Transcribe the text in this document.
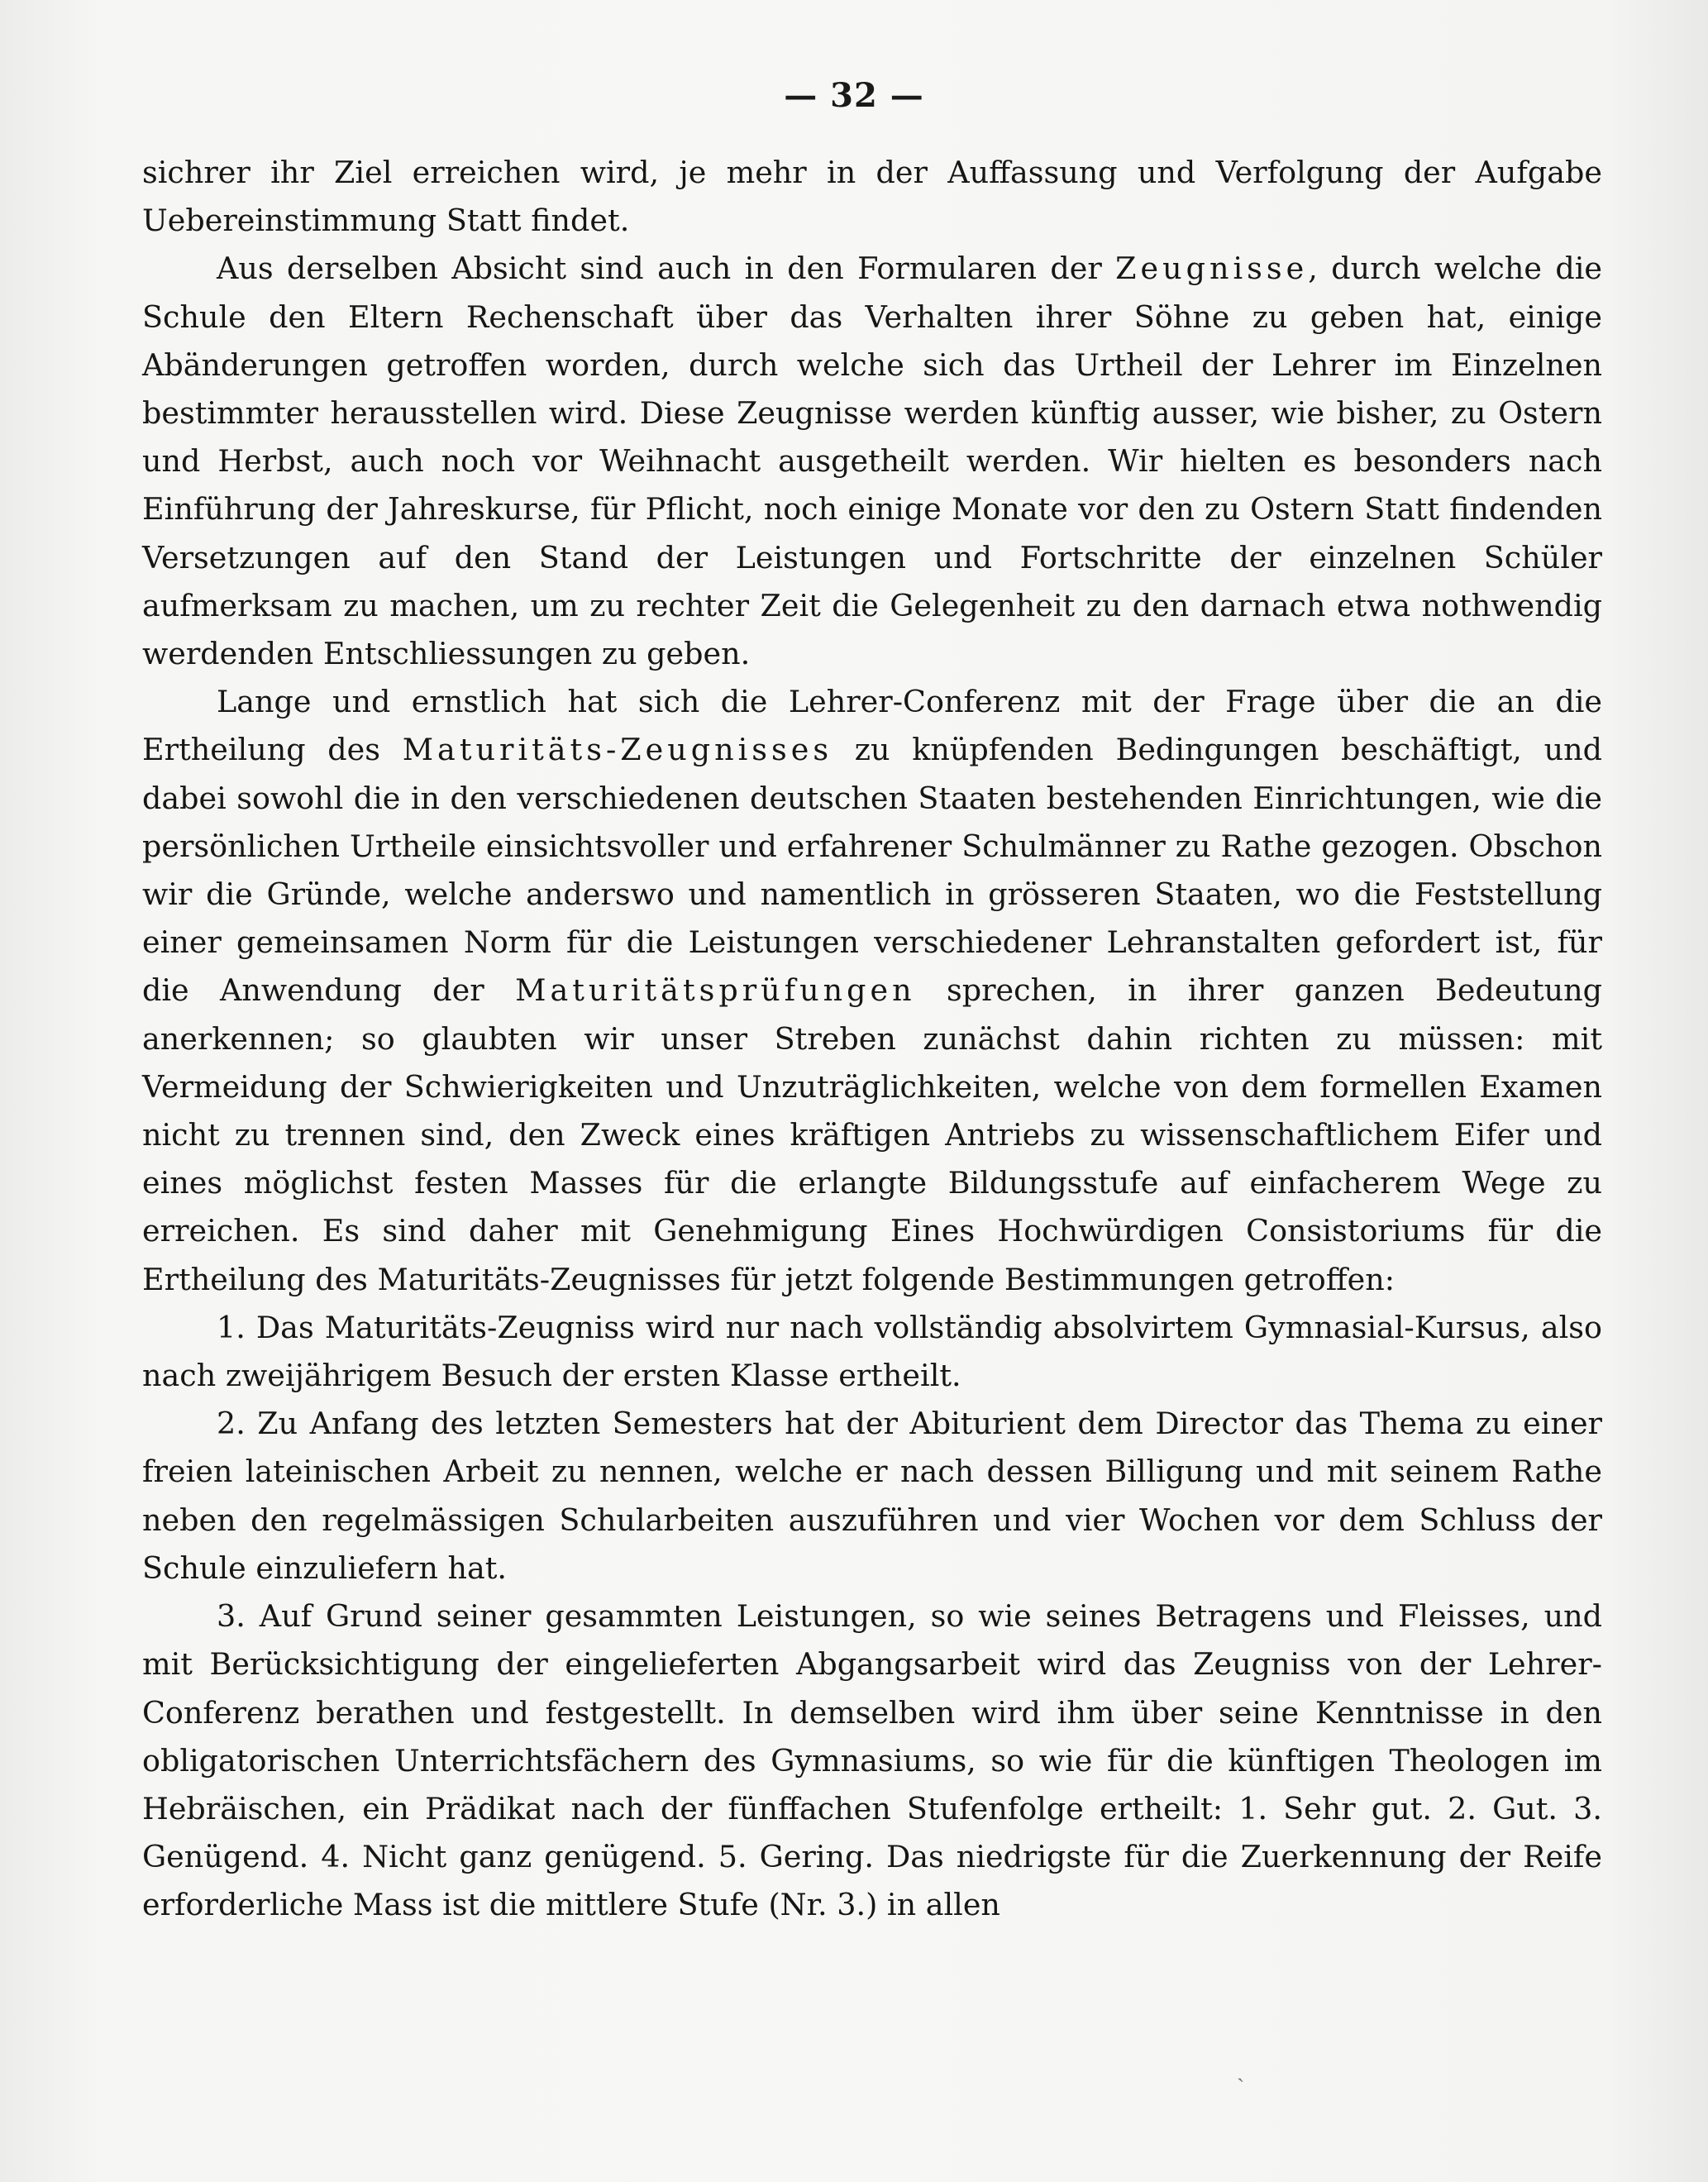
— 32 —

sichrer ihr Ziel erreichen wird, je mehr in der Auffassung und Verfolgung der Aufgabe Uebereinstimmung Statt findet.

Aus derselben Absicht sind auch in den Formularen der Zeugnisse, durch welche die Schule den Eltern Rechenschaft über das Verhalten ihrer Söhne zu geben hat, einige Abänderungen getroffen worden, durch welche sich das Urtheil der Lehrer im Einzelnen bestimmter herausstellen wird. Diese Zeugnisse werden künftig ausser, wie bisher, zu Ostern und Herbst, auch noch vor Weihnacht ausgetheilt werden. Wir hielten es besonders nach Einführung der Jahreskurse, für Pflicht, noch einige Monate vor den zu Ostern Statt findenden Versetzungen auf den Stand der Leistungen und Fortschritte der einzelnen Schüler aufmerksam zu machen, um zu rechter Zeit die Gelegenheit zu den darnach etwa nothwendig werdenden Entschliessungen zu geben.

Lange und ernstlich hat sich die Lehrer-Conferenz mit der Frage über die an die Ertheilung des Maturitäts-Zeugnisses zu knüpfenden Bedingungen beschäftigt, und dabei sowohl die in den verschiedenen deutschen Staaten bestehenden Einrichtungen, wie die persönlichen Urtheile einsichtsvoller und erfahrener Schulmänner zu Rathe gezogen. Obschon wir die Gründe, welche anderswo und namentlich in grösseren Staaten, wo die Feststellung einer gemeinsamen Norm für die Leistungen verschiedener Lehranstalten gefordert ist, für die Anwendung der Maturitätsprüfungen sprechen, in ihrer ganzen Bedeutung anerkennen; so glaubten wir unser Streben zunächst dahin richten zu müssen: mit Vermeidung der Schwierigkeiten und Unzuträglichkeiten, welche von dem formellen Examen nicht zu trennen sind, den Zweck eines kräftigen Antriebs zu wissenschaftlichem Eifer und eines möglichst festen Masses für die erlangte Bildungsstufe auf einfacherem Wege zu erreichen. Es sind daher mit Genehmigung Eines Hochwürdigen Consistoriums für die Ertheilung des Maturitäts-Zeugnisses für jetzt folgende Bestimmungen getroffen:

1. Das Maturitäts-Zeugniss wird nur nach vollständig absolvirtem Gymnasial-Kursus, also nach zweijährigem Besuch der ersten Klasse ertheilt.

2. Zu Anfang des letzten Semesters hat der Abiturient dem Director das Thema zu einer freien lateinischen Arbeit zu nennen, welche er nach dessen Billigung und mit seinem Rathe neben den regelmässigen Schularbeiten auszuführen und vier Wochen vor dem Schluss der Schule einzuliefern hat.

3. Auf Grund seiner gesammten Leistungen, so wie seines Betragens und Fleisses, und mit Berücksichtigung der eingelieferten Abgangsarbeit wird das Zeugniss von der Lehrer-Conferenz berathen und festgestellt. In demselben wird ihm über seine Kenntnisse in den obligatorischen Unterrichtsfächern des Gymnasiums, so wie für die künftigen Theologen im Hebräischen, ein Prädikat nach der fünffachen Stufenfolge ertheilt: 1. Sehr gut. 2. Gut. 3. Genügend. 4. Nicht ganz genügend. 5. Gering. Das niedrigste für die Zuerkennung der Reife erforderliche Mass ist die mittlere Stufe (Nr. 3.) in allen

ˏ
